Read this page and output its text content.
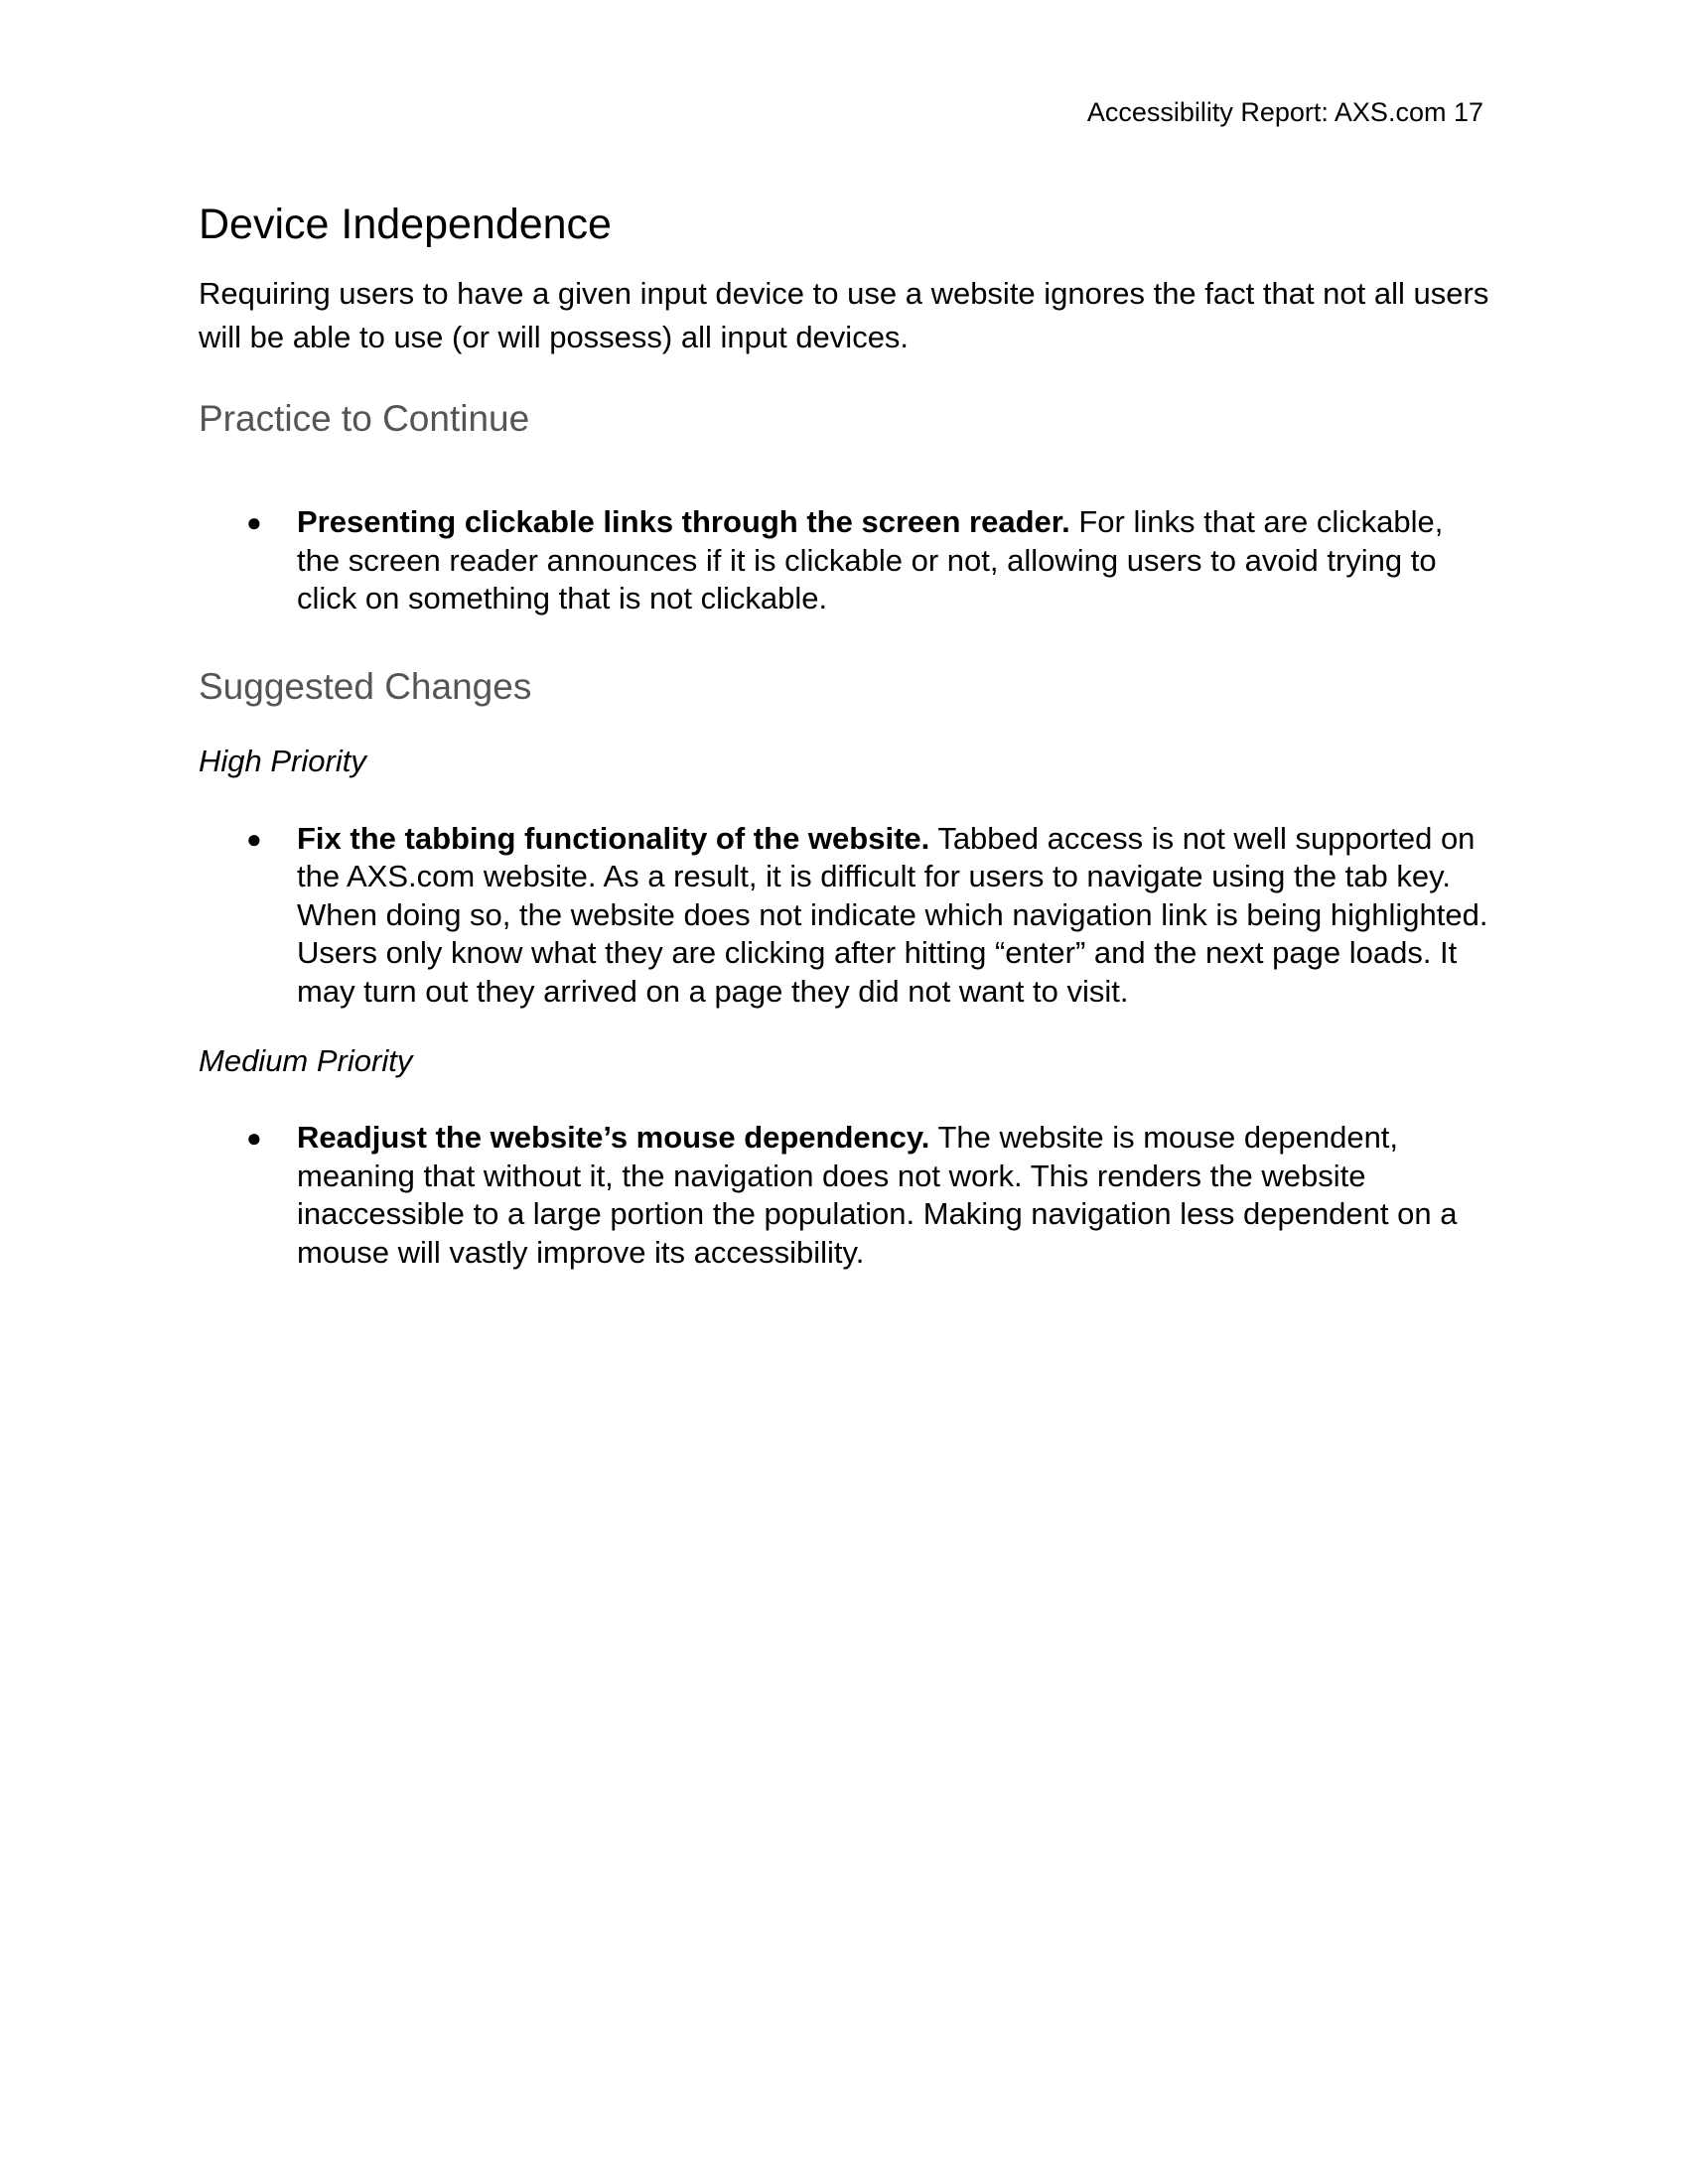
Accessibility Report: AXS.com 17
Device Independence

Requiring users to have a given input device to use a website ignores the fact that not all users will be able to use (or will possess) all input devices.

Practice to Continue
● Presenting clickable links through the screen reader. For links that are clickable, the screen reader announces if it is clickable or not, allowing users to avoid trying to click on something that is not clickable.
Suggested Changes
High Priority
● Fix the tabbing functionality of the website. Tabbed access is not well supported on the AXS.com website. As a result, it is difficult for users to navigate using the tab key. When doing so, the website does not indicate which navigation link is being highlighted. Users only know what they are clicking after hitting “enter” and the next page loads. It may turn out they arrived on a page they did not want to visit.
Medium Priority
● Readjust the website’s mouse dependency. The website is mouse dependent, meaning that without it, the navigation does not work. This renders the website inaccessible to a large portion the population. Making navigation less dependent on a mouse will vastly improve its accessibility.
